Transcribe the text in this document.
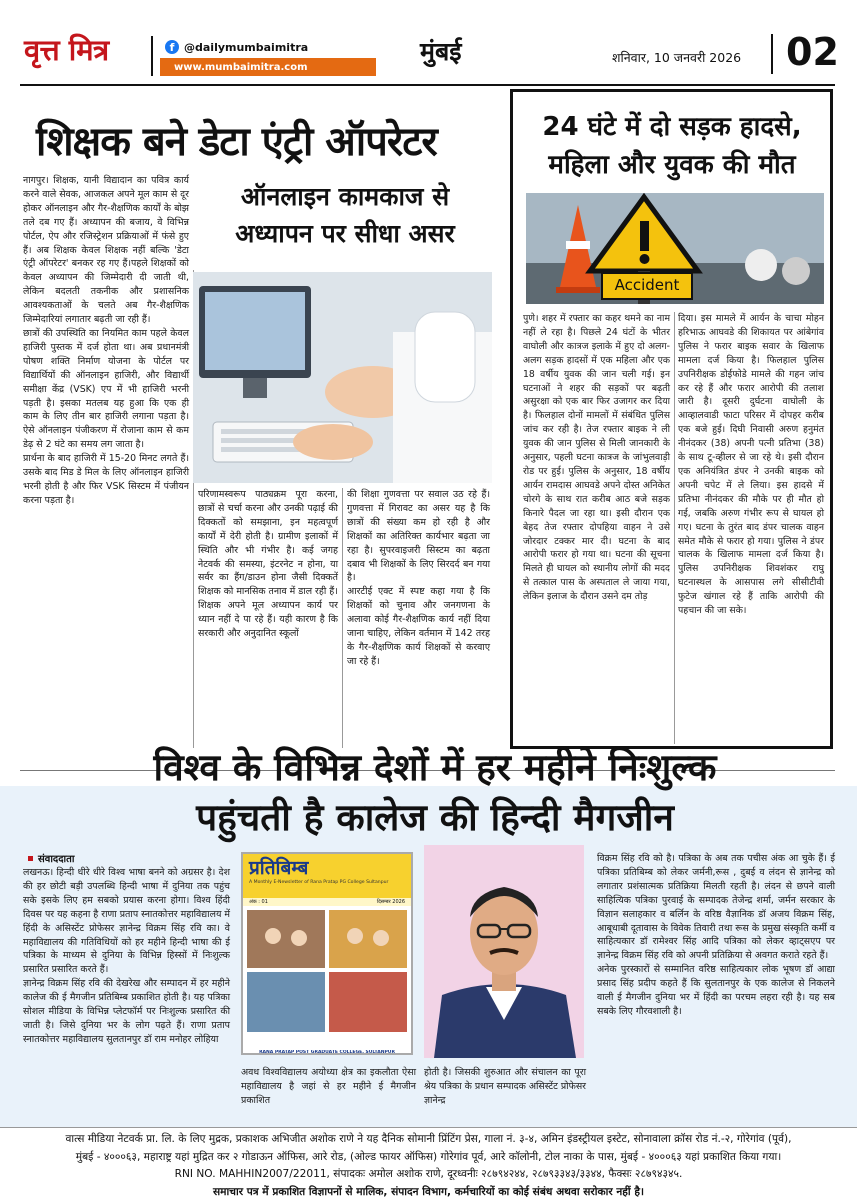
वृत्त मित्र	f @dailymumbaimitra
www.mumbaimitra.com
मुंबई	शनिवार, 10 जनवरी 2026 02
शिक्षक बने डेटा एंट्री ऑपरेटर
ऑनलाइन कामकाज से
अध्यापन पर सीधा असर

नागपुर। शिक्षक, यानी विद्यादान का पवित्र कार्य करने वाले सेवक, आजकल अपने मूल काम से दूर होकर ऑनलाइन और गैर-शैक्षणिक कार्यों के बोझ तले दब गए हैं। अध्यापन की बजाय, वे विभिन्न पोर्टल, ऐप और रजिस्ट्रेशन प्रक्रियाओं में फंसे हुए हैं। अब शिक्षक केवल शिक्षक नहीं बल्कि 'डेटा एंट्री ऑपरेटर' बनकर रह गए हैं।पहले शिक्षकों को केवल अध्यापन की जिम्मेदारी दी जाती थी, लेकिन बदलती तकनीक और प्रशासनिक आवश्यकताओं के चलते अब गैर-शैक्षणिक जिम्मेदारियां लगातार बढ़ती जा रही हैं।

छात्रों की उपस्थिति का नियमित काम पहले केवल हाजिरी पुस्तक में दर्ज होता था। अब प्रधानमंत्री पोषण शक्ति निर्माण योजना के पोर्टल पर विद्यार्थियों की ऑनलाइन हाजिरी, और विद्यार्थी समीक्षा केंद्र (VSK) एप में भी हाजिरी भरनी पड़ती है। इसका मतलब यह हुआ कि एक ही काम के लिए तीन बार हाजिरी लगाना पड़ता है। ऐसे ऑनलाइन पंजीकरण में रोजाना काम से कम डेढ़ से 2 घंटे का समय लग जाता है।

प्रार्थना के बाद हाजिरी में 15-20 मिनट लगते हैं। उसके बाद मिड डे मिल के लिए ऑनलाइन हाजिरी भरनी होती है और फिर VSK सिस्टम में पंजीयन करना पड़ता है।

परिणामस्वरूप पाठ्यक्रम पूरा करना, छात्रों से चर्चा करना और उनकी पढ़ाई की दिक्कतों को समझाना, इन महत्वपूर्ण कार्यों में देरी होती है। ग्रामीण इलाकों में स्थिति और भी गंभीर है। कई जगह नेटवर्क की समस्या, इंटरनेट न होना, या सर्वर का हैंग/डाउन होना जैसी दिक्कतें शिक्षक को मानसिक तनाव में डाल रही हैं।

शिक्षक अपने मूल अध्यापन कार्य पर ध्यान नहीं दे पा रहे हैं। यही कारण है कि सरकारी और अनुदानित स्कूलों

की शिक्षा गुणवत्ता पर सवाल उठ रहे हैं। गुणवत्ता में गिरावट का असर यह है कि छात्रों की संख्या कम हो रही है और शिक्षकों का अतिरिक्त कार्यभार बढ़ता जा रहा है। सुपरवाइजरी सिस्टम का बढ़ता दबाव भी शिक्षकों के लिए सिरदर्द बन गया है।

आरटीई एक्ट में स्पष्ट कहा गया है कि शिक्षकों को चुनाव और जनगणना के अलावा कोई गैर-शैक्षणिक कार्य नहीं दिया जाना चाहिए, लेकिन वर्तमान में 142 तरह के गैर-शैक्षणिक कार्य शिक्षकों से करवाए जा रहे हैं।

24 घंटे में दो सड़क हादसे,
महिला और युवक की मौत
Accident
पुणे। शहर में रफ्तार का कहर थमने का नाम नहीं ले रहा है। पिछले 24 घंटों के भीतर वाघोली और कात्रज इलाके में हुए दो अलग-अलग सड़क हादसों में एक महिला और एक 18 वर्षीय युवक की जान चली गई। इन घटनाओं ने शहर की सड़कों पर बढ़ती असुरक्षा को एक बार फिर उजागर कर दिया है। फिलहाल दोनों मामलों में संबंधित पुलिस जांच कर रही है। तेज रफ्तार बाइक ने ली युवक की जान पुलिस से मिली जानकारी के अनुसार, पहली घटना कात्रज के जांभुलवाड़ी रोड पर हुई। पुलिस के अनुसार, 18 वर्षीय आर्यन रामदास आघवडे अपने दोस्त अनिकेत चोरगे के साथ रात करीब आठ बजे सड़क किनारे पैदल जा रहा था। इसी दौरान एक बेहद तेज रफ्तार दोपहिया वाहन ने उसे जोरदार टक्कर मार दी। घटना के बाद आरोपी फरार हो गया था। घटना की सूचना मिलते ही घायल को स्थानीय लोगों की मदद से तत्काल पास के अस्पताल ले जाया गया, लेकिन इलाज के दौरान उसने दम तोड़
दिया। इस मामले में आर्यन के चाचा मोहन हरिभाऊ आघवडे की शिकायत पर आंबेगांव पुलिस ने फरार बाइक सवार के खिलाफ मामला दर्ज किया है। फिलहाल पुलिस उपनिरीक्षक डोईफोडे मामले की गहन जांच कर रहे हैं और फरार आरोपी की तलाश जारी है। दूसरी दुर्घटना वाघोली के आव्हालवाडी फाटा परिसर में दोपहर करीब एक बजे हुई। दिघी निवासी अरुण हनुमंत नीनंदकर (38) अपनी पत्नी प्रतिभा (38) के साथ टू-व्हीलर से जा रहे थे। इसी दौरान एक अनियंत्रित डंपर ने उनकी बाइक को अपनी चपेट में ले लिया। इस हादसे में प्रतिभा नीनंदकर की मौके पर ही मौत हो गई, जबकि अरुण गंभीर रूप से घायल हो गए। घटना के तुरंत बाद डंपर चालक वाहन समेत मौके से फरार हो गया। पुलिस ने डंपर चालक के खिलाफ मामला दर्ज किया है। पुलिस उपनिरीक्षक शिवशंकर राघु घटनास्थल के आसपास लगे सीसीटीवी फुटेज खंगाल रहे हैं ताकि आरोपी की पहचान की जा सके।
विश्व के विभिन्न देशों में हर महीने निःशुल्क
पहुंचती है कालेज की हिन्दी मैगजीन
संवाददाता

लखनऊ। हिन्दी धीरे धीरे विश्व भाषा बनने को अग्रसर है। देश की हर छोटी बड़ी उपलब्धि हिन्दी भाषा में दुनिया तक पहुंच सके इसके लिए हम सबको प्रयास करना होगा। विश्व हिंदी दिवस पर यह कहना है राणा प्रताप स्नातकोत्तर महाविद्यालय में हिंदी के असिस्टेंट प्रोफेसर ज्ञानेन्द्र विक्रम सिंह रवि का। वे महाविद्यालय की गतिविधियों को हर महीने हिन्दी भाषा की ई पत्रिका के माध्यम से दुनिया के विभिन्न हिस्सों में निःशुल्क प्रसारित प्रसारित करते हैं।

ज्ञानेन्द्र विक्रम सिंह रवि की देखरेख और सम्पादन में हर महीने कालेज की ई मैगजीन प्रतिबिम्ब प्रकाशित होती है। यह पत्रिका सोशल मीडिया के विभिन्न प्लेटफॉर्म पर निःशुल्क प्रसारित की जाती है। जिसे दुनिया भर के लोग पढ़ते हैं। राणा प्रताप स्नातकोत्तर महाविद्यालय सुलतानपुर डॉ राम मनोहर लोहिया

प्रतिबिम्ब
A Monthly E-Newsletter of Rana Pratap PG College Sultanpur
अंक : 01	दिसम्बर 2026
RANA PRATAP POST GRADUATE COLLEGE, SULTANPUR
अवध विश्वविद्यालय अयोध्या क्षेत्र का इकलौता ऐसा महाविद्यालय है जहां से हर महीने ई मैगजीन प्रकाशित
होती है। जिसकी शुरुआत और संचालन का पूरा श्रेय पत्रिका के प्रधान सम्पादक असिस्टेंट प्रोफेसर ज्ञानेन्द्र

विक्रम सिंह रवि को है। पत्रिका के अब तक पचीस अंक आ चुके हैं। ई पत्रिका प्रतिबिम्ब को लेकर जर्मनी,रूस , दुबई व लंदन से ज्ञानेन्द्र को लगातार प्रशंसात्मक प्रतिक्रिया मिलती रहती है। लंदन से छपने वाली साहित्यिक पत्रिका पुरवाई के सम्पादक तेजेन्द्र शर्मा, जर्मन सरकार के विज्ञान सलाहकार व बर्लिन के वरिष्ठ वैज्ञानिक डॉ अजय विक्रम सिंह, आबूधाबी दूतावास के विवेक तिवारी तथा रूस के प्रमुख संस्कृति कर्मी व साहित्यकार डॉ रामेश्वर सिंह आदि पत्रिका को लेकर व्हाट्सएप पर ज्ञानेन्द्र विक्रम सिंह रवि को अपनी प्रतिक्रिया से अवगत कराते रहते हैं।

अनेक पुरस्कारों से सम्मानित वरिष्ठ साहित्यकार लोक भूषण डॉ आद्या प्रसाद सिंह प्रदीप कहते हैं कि सुलतानपुर के एक कालेज से निकलने वाली ई मैगजीन दुनिया भर में हिंदी का परचम लहरा रही है। यह सब सबके लिए गौरवशाली है।

वात्स मीडिया नेटवर्क प्रा. लि. के लिए मुद्रक, प्रकाशक अभिजीत अशोक राणे ने यह दैनिक सोमानी प्रिंटिंग प्रेस, गाला नं. ३-४, अमिन इंडस्ट्रीयल इस्टेट, सोनावाला क्रॉस रोड नं.-२, गोरेगांव (पूर्व),
मुंबई - ४०००६३, महाराष्ट्र यहां मुद्रित कर २ गोडाऊन ऑफिस, आरे रोड, (ओल्ड फायर ऑफिस) गोरेगांव पूर्व, आरे कॉलोनी, टोल नाका के पास, मुंबई - ४०००६३ यहां प्रकाशित किया गया।
RNI NO. MAHHIN2007/22011, संपादकः अमोल अशोक राणे, दूरध्वनीः २८७९४२४४, २८७९३३४३/३३४४, फैक्सः २८७९४३४५.
समाचार पत्र में प्रकाशित विज्ञापनों से मालिक, संपादन विभाग, कर्मचारियों का कोई संबंध अथवा सरोकार नहीं है।
